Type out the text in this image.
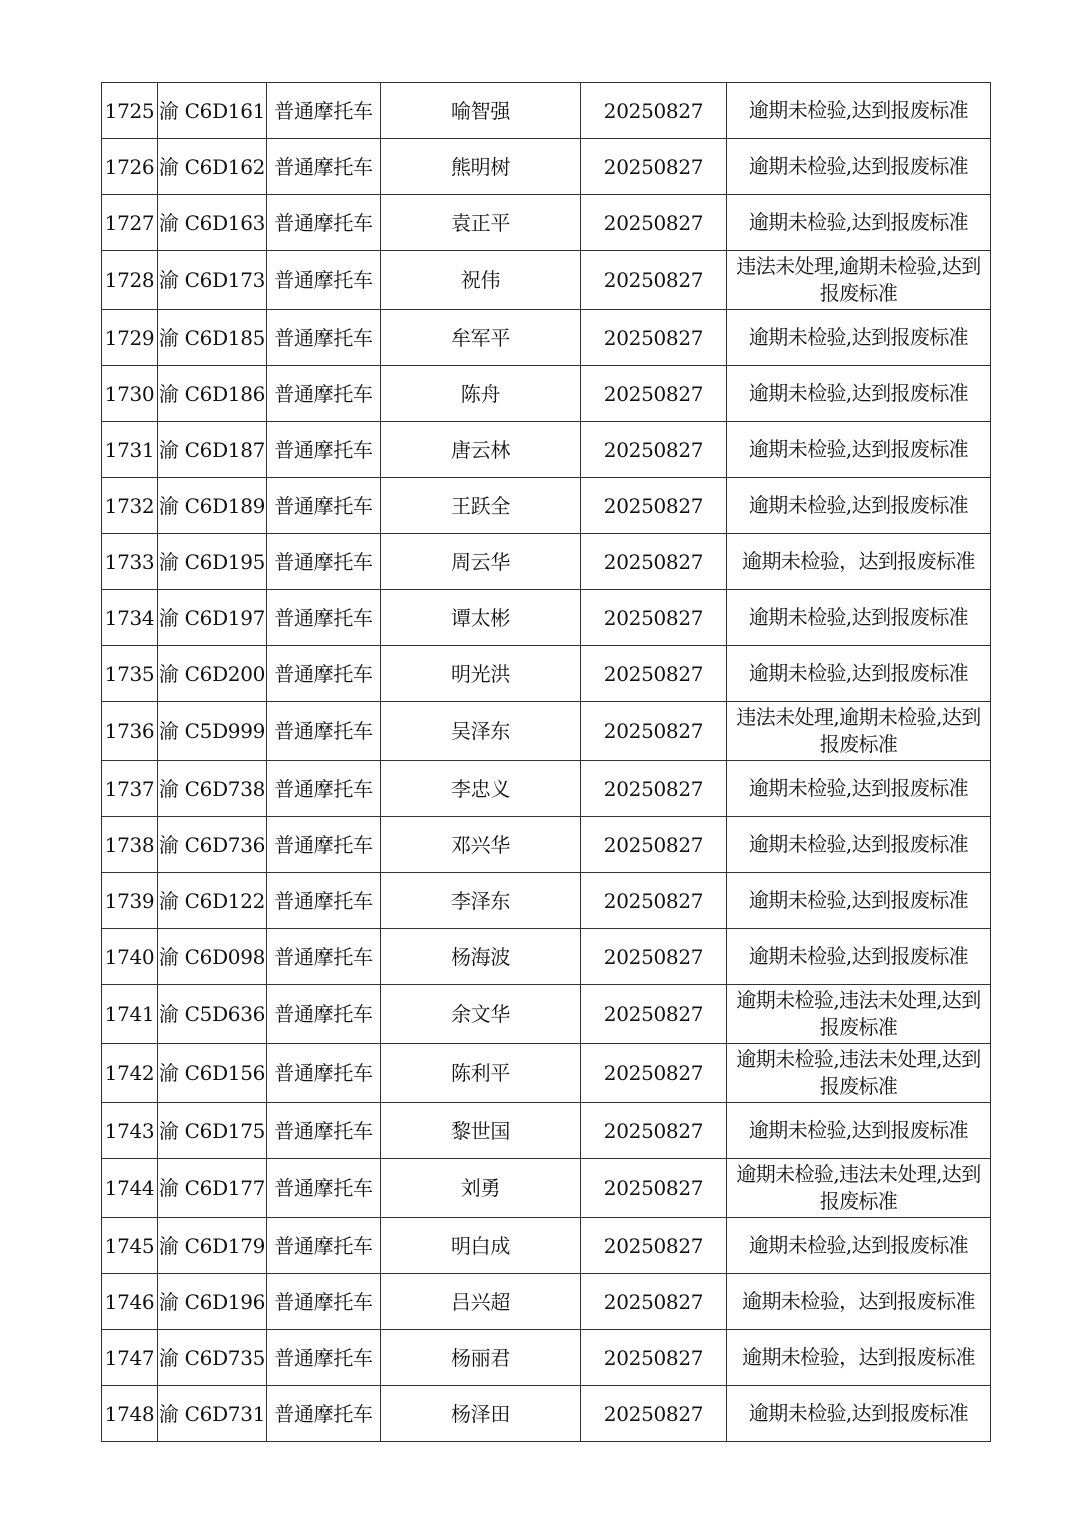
1725	渝 C6D161	普通摩托车	喻智强	20250827	逾期未检验,达到报废标准
1726	渝 C6D162	普通摩托车	熊明树	20250827	逾期未检验,达到报废标准
1727	渝 C6D163	普通摩托车	袁正平	20250827	逾期未检验,达到报废标准
1728	渝 C6D173	普通摩托车	祝伟	20250827	违法未处理,逾期未检验,达到报废标准
1729	渝 C6D185	普通摩托车	牟军平	20250827	逾期未检验,达到报废标准
1730	渝 C6D186	普通摩托车	陈舟	20250827	逾期未检验,达到报废标准
1731	渝 C6D187	普通摩托车	唐云林	20250827	逾期未检验,达到报废标准
1732	渝 C6D189	普通摩托车	王跃全	20250827	逾期未检验,达到报废标准
1733	渝 C6D195	普通摩托车	周云华	20250827	逾期未检验，达到报废标准
1734	渝 C6D197	普通摩托车	谭太彬	20250827	逾期未检验,达到报废标准
1735	渝 C6D200	普通摩托车	明光洪	20250827	逾期未检验,达到报废标准
1736	渝 C5D999	普通摩托车	吴泽东	20250827	违法未处理,逾期未检验,达到报废标准
1737	渝 C6D738	普通摩托车	李忠义	20250827	逾期未检验,达到报废标准
1738	渝 C6D736	普通摩托车	邓兴华	20250827	逾期未检验,达到报废标准
1739	渝 C6D122	普通摩托车	李泽东	20250827	逾期未检验,达到报废标准
1740	渝 C6D098	普通摩托车	杨海波	20250827	逾期未检验,达到报废标准
1741	渝 C5D636	普通摩托车	余文华	20250827	逾期未检验,违法未处理,达到报废标准
1742	渝 C6D156	普通摩托车	陈利平	20250827	逾期未检验,违法未处理,达到报废标准
1743	渝 C6D175	普通摩托车	黎世国	20250827	逾期未检验,达到报废标准
1744	渝 C6D177	普通摩托车	刘勇	20250827	逾期未检验,违法未处理,达到报废标准
1745	渝 C6D179	普通摩托车	明白成	20250827	逾期未检验,达到报废标准
1746	渝 C6D196	普通摩托车	吕兴超	20250827	逾期未检验，达到报废标准
1747	渝 C6D735	普通摩托车	杨丽君	20250827	逾期未检验，达到报废标准
1748	渝 C6D731	普通摩托车	杨泽田	20250827	逾期未检验,达到报废标准
